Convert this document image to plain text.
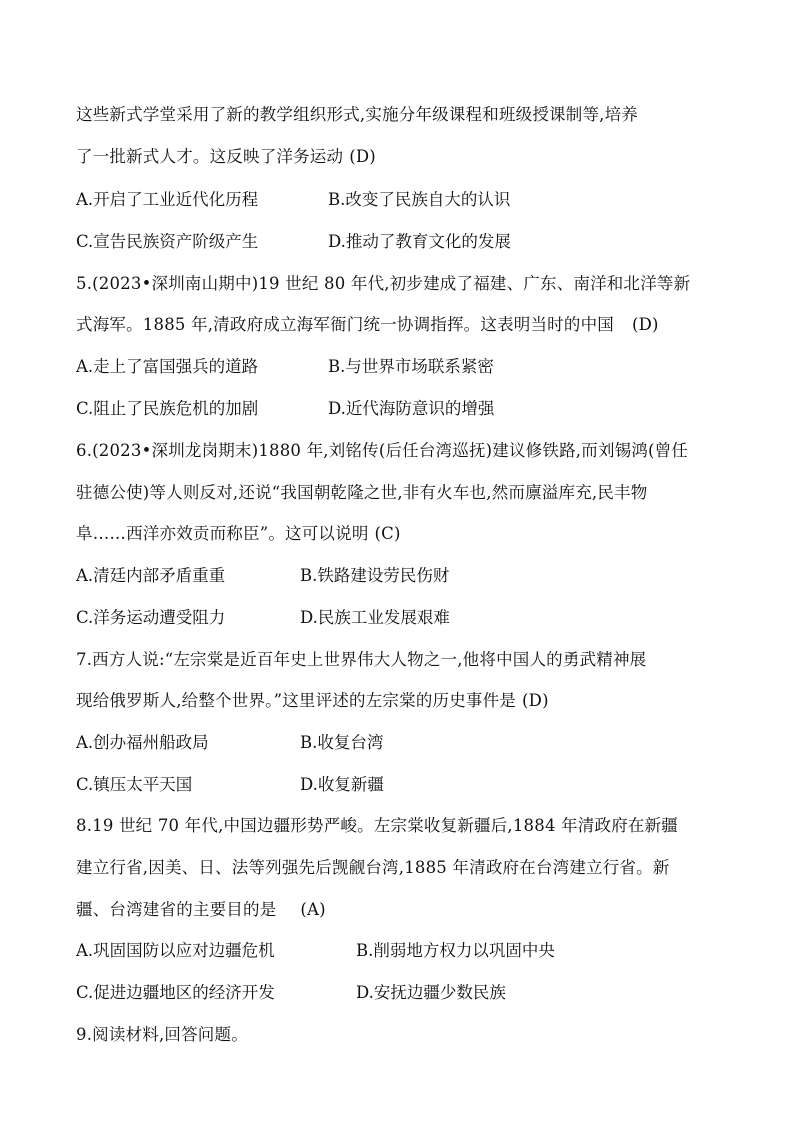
这些新式学堂采用了新的教学组织形式,实施分年级课程和班级授课制等,培养
了一批新式人才。这反映了洋务运动 (D)
A.开启了工业近代化历程	B.改变了民族自大的认识
C.宣告民族资产阶级产生	D.推动了教育文化的发展
5.(2023•深圳南山期中)19 世纪 80 年代,初步建成了福建、广东、南洋和北洋等新
式海军。1885 年,清政府成立海军衙门统一协调指挥。这表明当时的中国 (D)
A.走上了富国强兵的道路	B.与世界市场联系紧密
C.阻止了民族危机的加剧	D.近代海防意识的增强
6.(2023•深圳龙岗期末)1880 年,刘铭传(后任台湾巡抚)建议修铁路,而刘锡鸿(曾任
驻德公使)等人则反对,还说“我国朝乾隆之世,非有火车也,然而廪溢库充,民丰物
阜……西洋亦效贡而称臣”。这可以说明 (C)
A.清廷内部矛盾重重	B.铁路建设劳民伤财
C.洋务运动遭受阻力	D.民族工业发展艰难
7.西方人说:“左宗棠是近百年史上世界伟大人物之一,他将中国人的勇武精神展
现给俄罗斯人,给整个世界。”这里评述的左宗棠的历史事件是 (D)
A.创办福州船政局	B.收复台湾
C.镇压太平天国	D.收复新疆
8.19 世纪 70 年代,中国边疆形势严峻。左宗棠收复新疆后,1884 年清政府在新疆
建立行省,因美、日、法等列强先后觊觎台湾,1885 年清政府在台湾建立行省。新
疆、台湾建省的主要目的是 (A)
A.巩固国防以应对边疆危机	B.削弱地方权力以巩固中央
C.促进边疆地区的经济开发	D.安抚边疆少数民族
9.阅读材料,回答问题。
